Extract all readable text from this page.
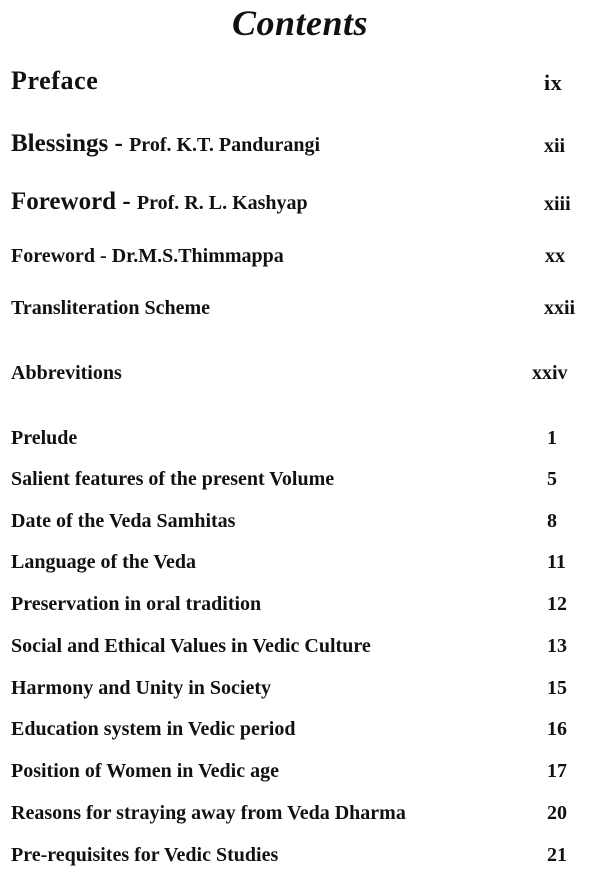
Contents
Preface	ix
Blessings - Prof. K.T. Pandurangi	xii
Foreword - Prof. R. L. Kashyap	xiii
Foreword - Dr.M.S.Thimmappa	xx
Transliteration Scheme	xxii
Abbrevitions	xxiv
Prelude	1
Salient features of the present Volume	5
Date of the Veda Samhitas	8
Language of the Veda	11
Preservation in oral tradition	12
Social and Ethical Values in Vedic Culture	13
Harmony and Unity in Society	15
Education system in Vedic period	16
Position of Women in Vedic age	17
Reasons for straying away from Veda Dharma	20
Pre-requisites for Vedic Studies	21
